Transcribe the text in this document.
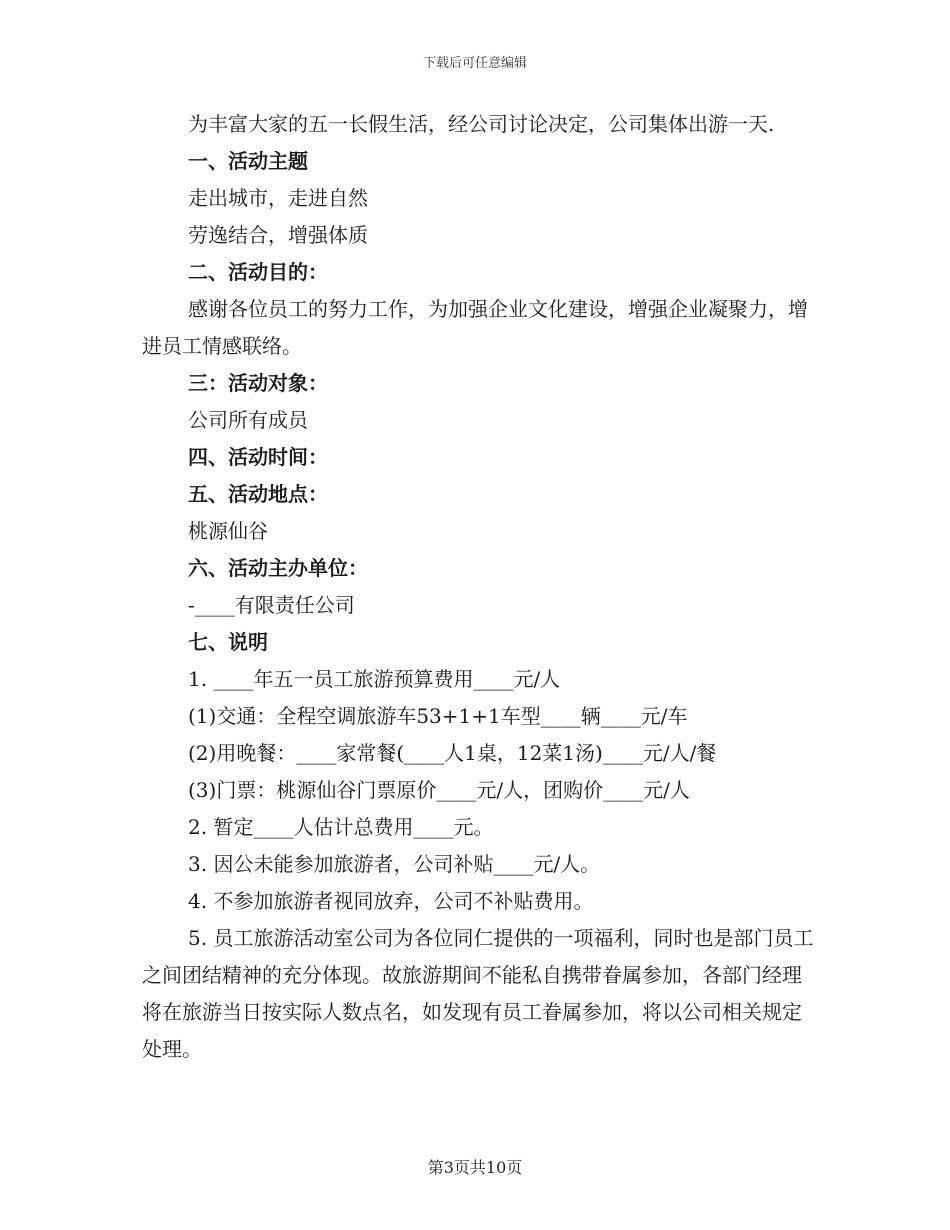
下载后可任意编辑

为丰富大家的五一长假生活，经公司讨论决定，公司集体出游一天.

一、活动主题

走出城市，走进自然

劳逸结合，增强体质

二、活动目的：

感谢各位员工的努力工作，为加强企业文化建设，增强企业凝聚力，增进员工情感联络。

三：活动对象：

公司所有成员

四、活动时间：

五、活动地点：

桃源仙谷

六、活动主办单位：

-____有限责任公司

七、说明

1. ____年五一员工旅游预算费用____元/人

(1)交通：全程空调旅游车53+1+1车型____辆____元/车

(2)用晚餐：____家常餐(____人1桌，12菜1汤)____元/人/餐

(3)门票：桃源仙谷门票原价____元/人，团购价____元/人

2. 暂定____人估计总费用____元。

3. 因公未能参加旅游者，公司补贴____元/人。

4. 不参加旅游者视同放弃，公司不补贴费用。

5. 员工旅游活动室公司为各位同仁提供的一项福利，同时也是部门员工之间团结精神的充分体现。故旅游期间不能私自携带眷属参加，各部门经理将在旅游当日按实际人数点名，如发现有员工眷属参加，将以公司相关规定处理。

第3页共10页
